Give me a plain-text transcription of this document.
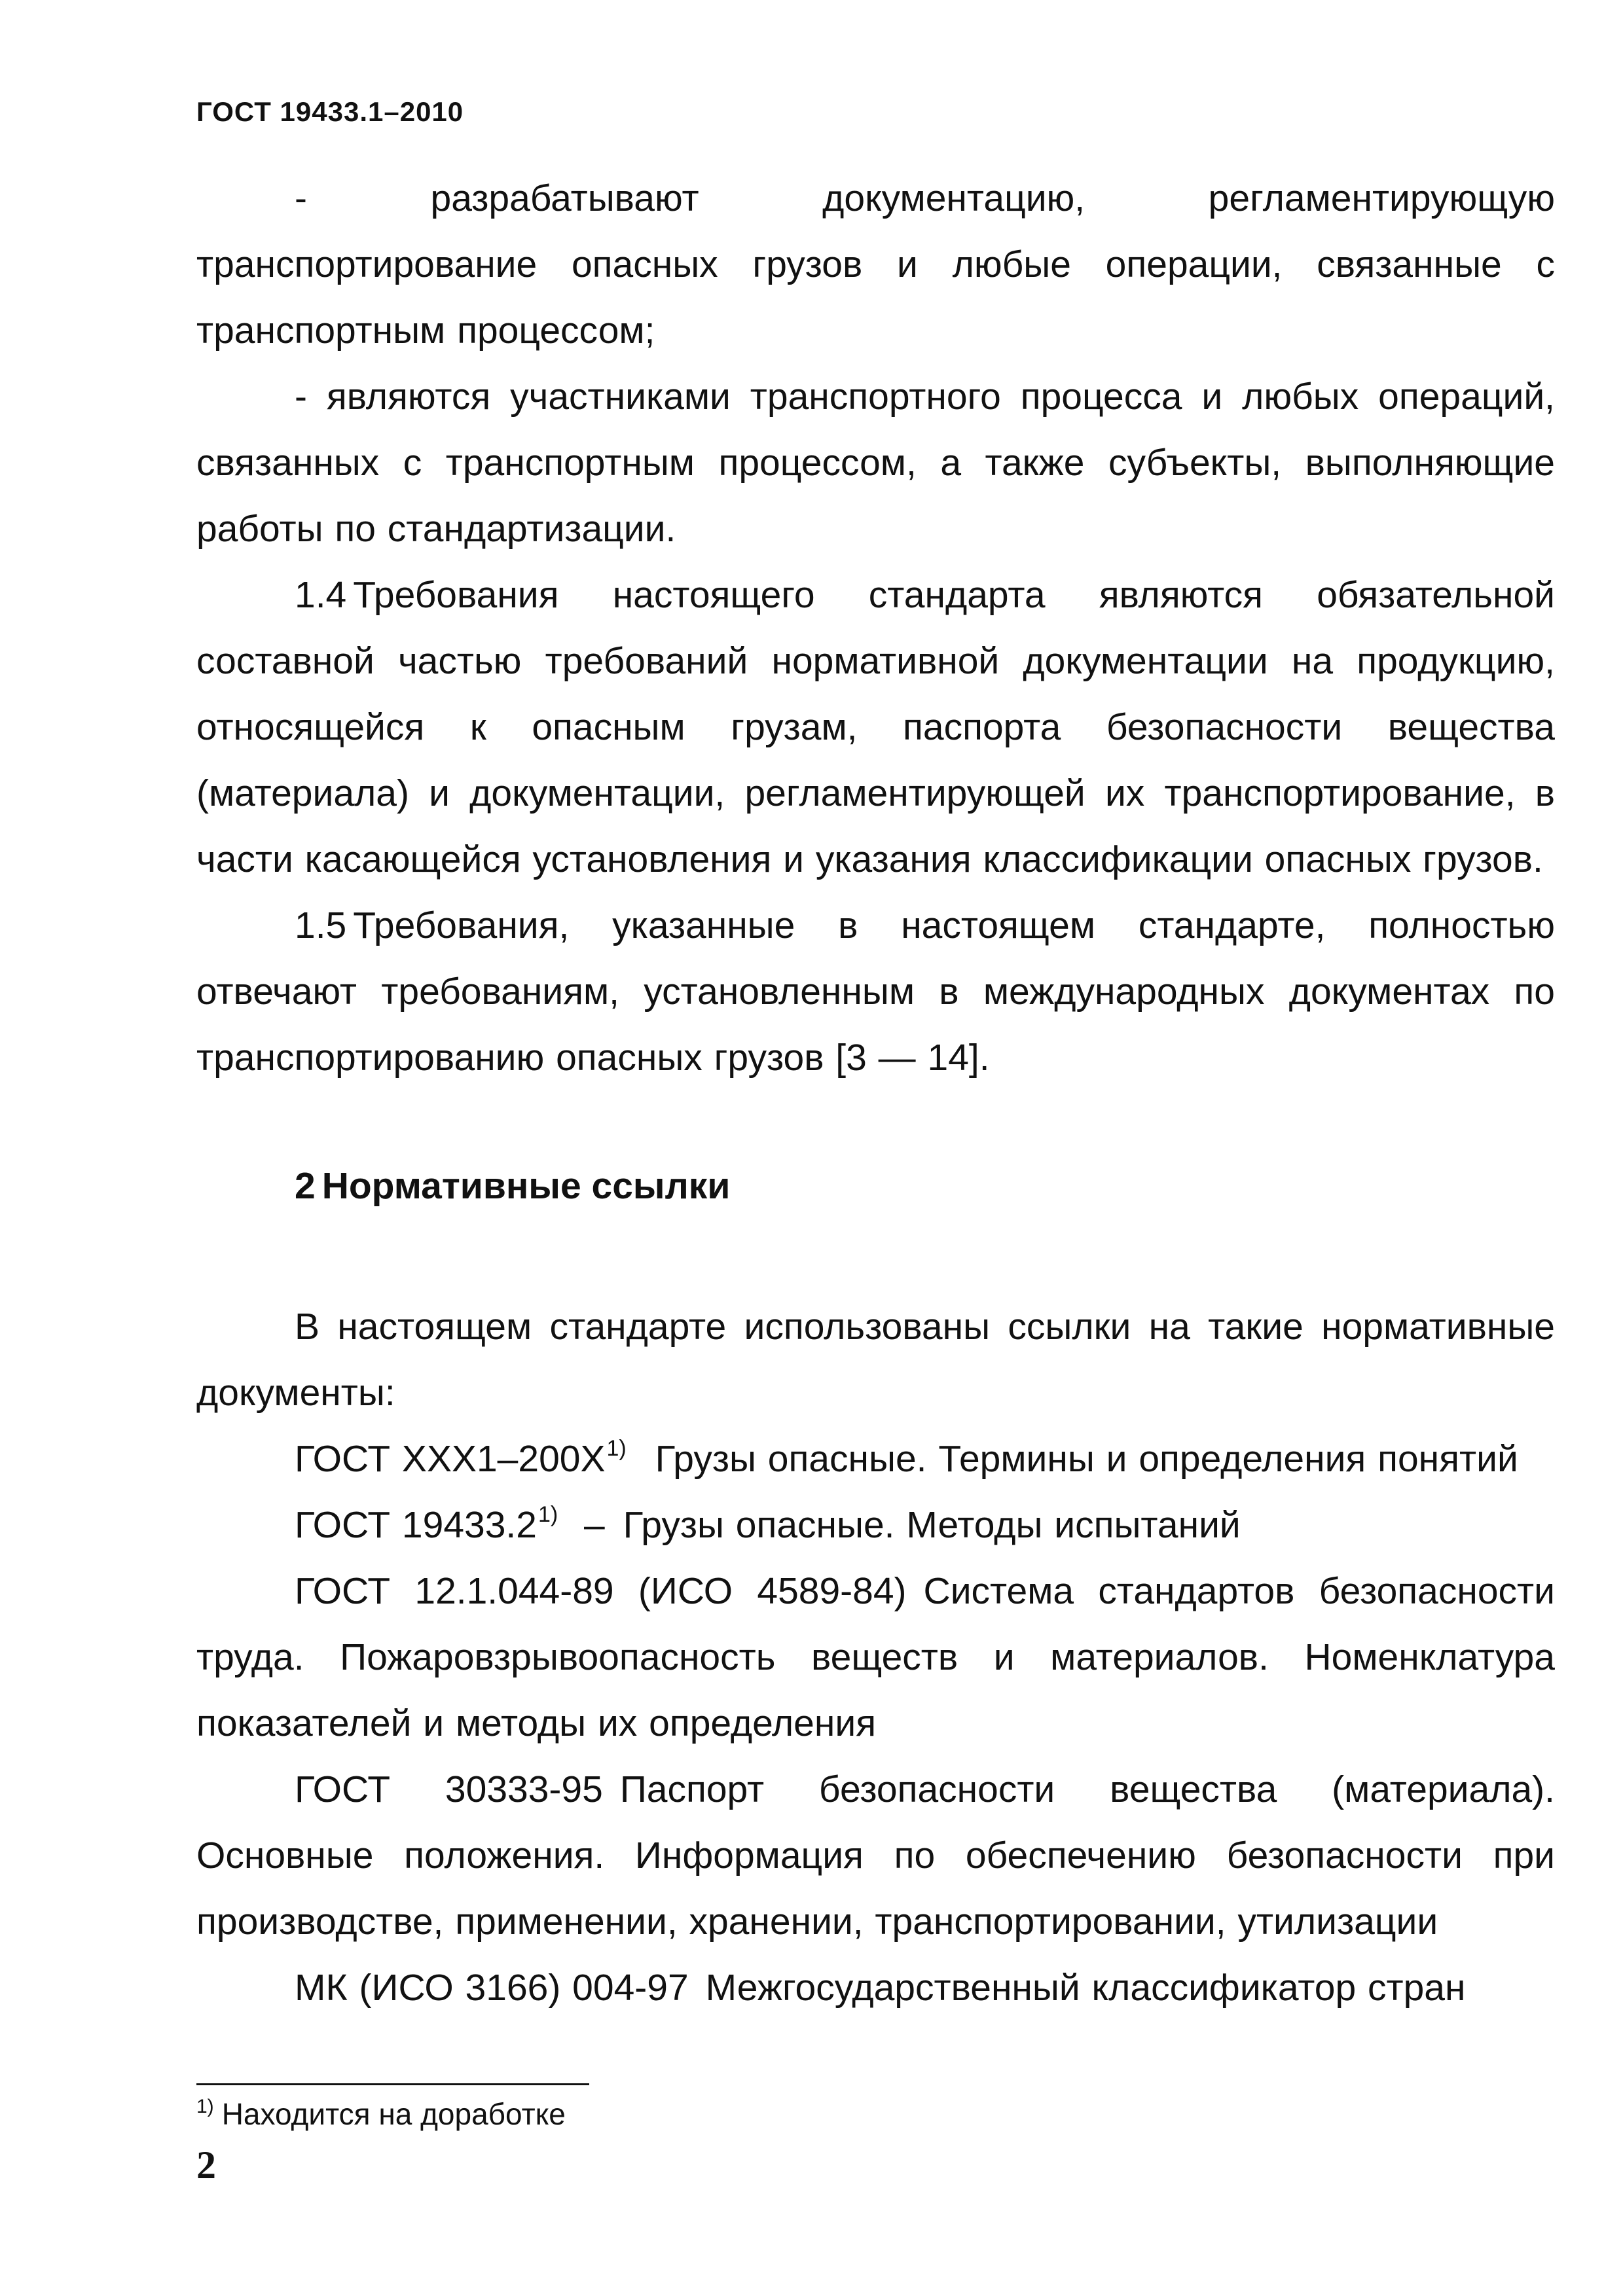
ГОСТ 19433.1–2010

- разрабатывают документацию, регламентирующую транспортирование опасных грузов и любые операции, связанные с транспортным процессом;

- являются участниками транспортного процесса и любых операций, связанных с транспортным процессом, а также субъекты, выполняющие работы по стандартизации.

1.4 Требования настоящего стандарта являются обязательной составной частью требований нормативной документации на продукцию, относящейся к опасным грузам, паспорта безопасности вещества (материала) и документации, регламентирующей их транспортирование, в части касающейся установления и указания классификации опасных грузов.

1.5 Требования, указанные в настоящем стандарте, полностью отвечают требованиям, установленным в международных документах по транспортированию опасных грузов [3 — 14].

2 Нормативные ссылки

В настоящем стандарте использованы ссылки на такие нормативные документы:

ГОСТ ХХХ1–200Х$^{1)}$ Грузы опасные. Термины и определения понятий

ГОСТ 19433.2$^{1)}$ – Грузы опасные. Методы испытаний

ГОСТ 12.1.044-89 (ИСО 4589-84) Система стандартов безопасности труда. Пожаровзрывоопасность веществ и материалов. Номенклатура показателей и методы их определения

ГОСТ 30333-95 Паспорт безопасности вещества (материала). Основные положения. Информация по обеспечению безопасности при производстве, применении, хранении, транспортировании, утилизации

МК (ИСО 3166) 004-97 Межгосударственный классификатор стран

$^{1)}$ Находится на доработке
2
